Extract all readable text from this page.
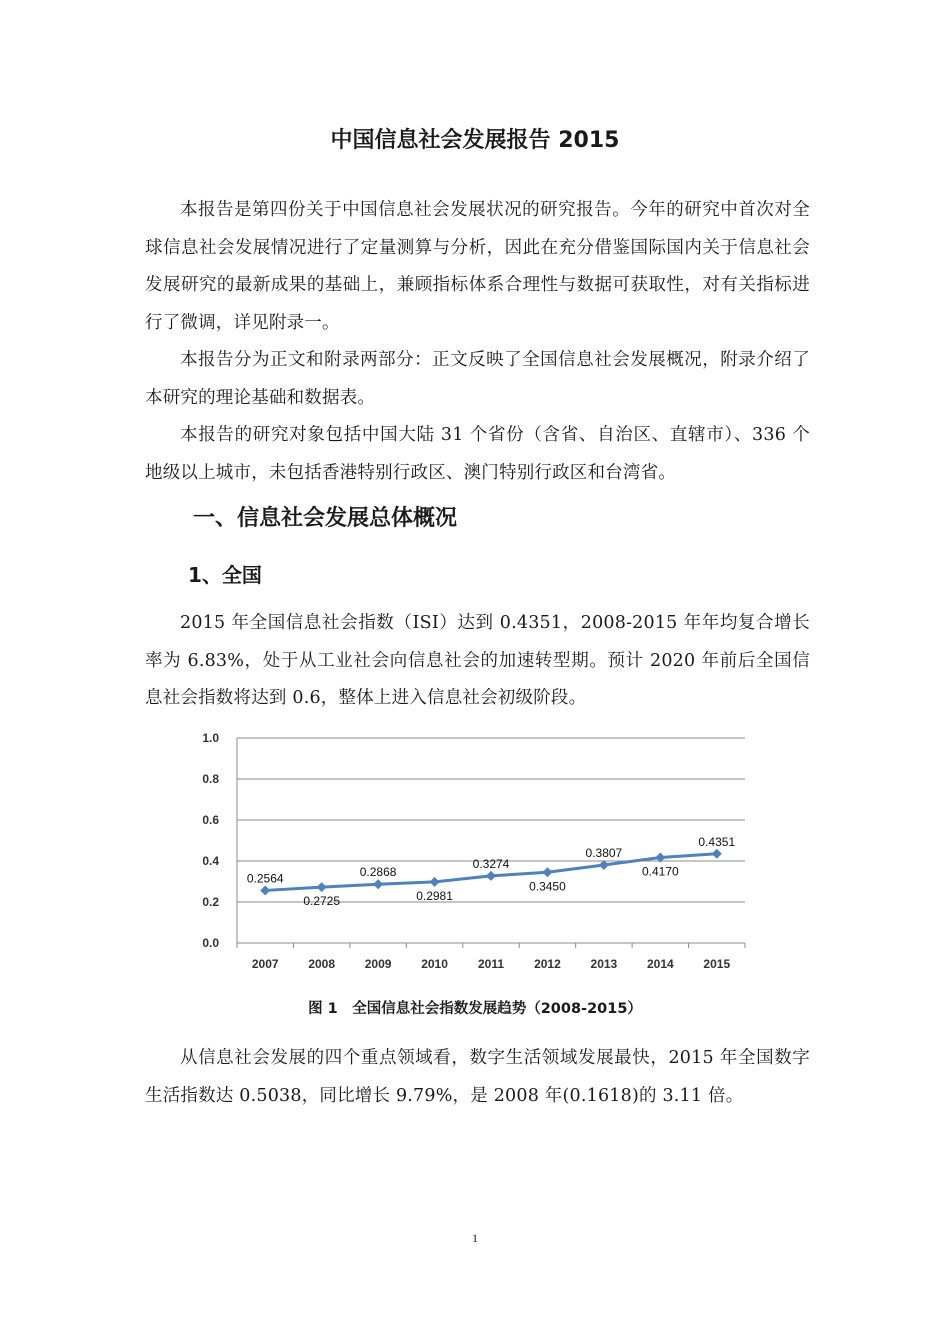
中国信息社会发展报告 2015

本报告是第四份关于中国信息社会发展状况的研究报告。今年的研究中首次对全球信息社会发展情况进行了定量测算与分析，因此在充分借鉴国际国内关于信息社会发展研究的最新成果的基础上，兼顾指标体系合理性与数据可获取性，对有关指标进行了微调，详见附录一。

本报告分为正文和附录两部分：正文反映了全国信息社会发展概况，附录介绍了本研究的理论基础和数据表。

本报告的研究对象包括中国大陆 31 个省份（含省、自治区、直辖市）、336 个地级以上城市，未包括香港特别行政区、澳门特别行政区和台湾省。

一、信息社会发展总体概况
1、全国

2015 年全国信息社会指数（ISI）达到 0.4351，2008-2015 年年均复合增长率为 6.83%，处于从工业社会向信息社会的加速转型期。预计 2020 年前后全国信息社会指数将达到 0.6，整体上进入信息社会初级阶段。

0.0
0.2
0.4
0.6
0.8
1.0
2007 2008 2009 2010	2011	2012 2013 2014 2015
0.2564
0.2725
0.2868
0.2981
0.3274
0.3450
0.3807
0.4170
0.4351

图 1　全国信息社会指数发展趋势（2008-2015）

从信息社会发展的四个重点领域看，数字生活领域发展最快，2015 年全国数字生活指数达 0.5038，同比增长 9.79%，是 2008 年(0.1618)的 3.11 倍。

1
